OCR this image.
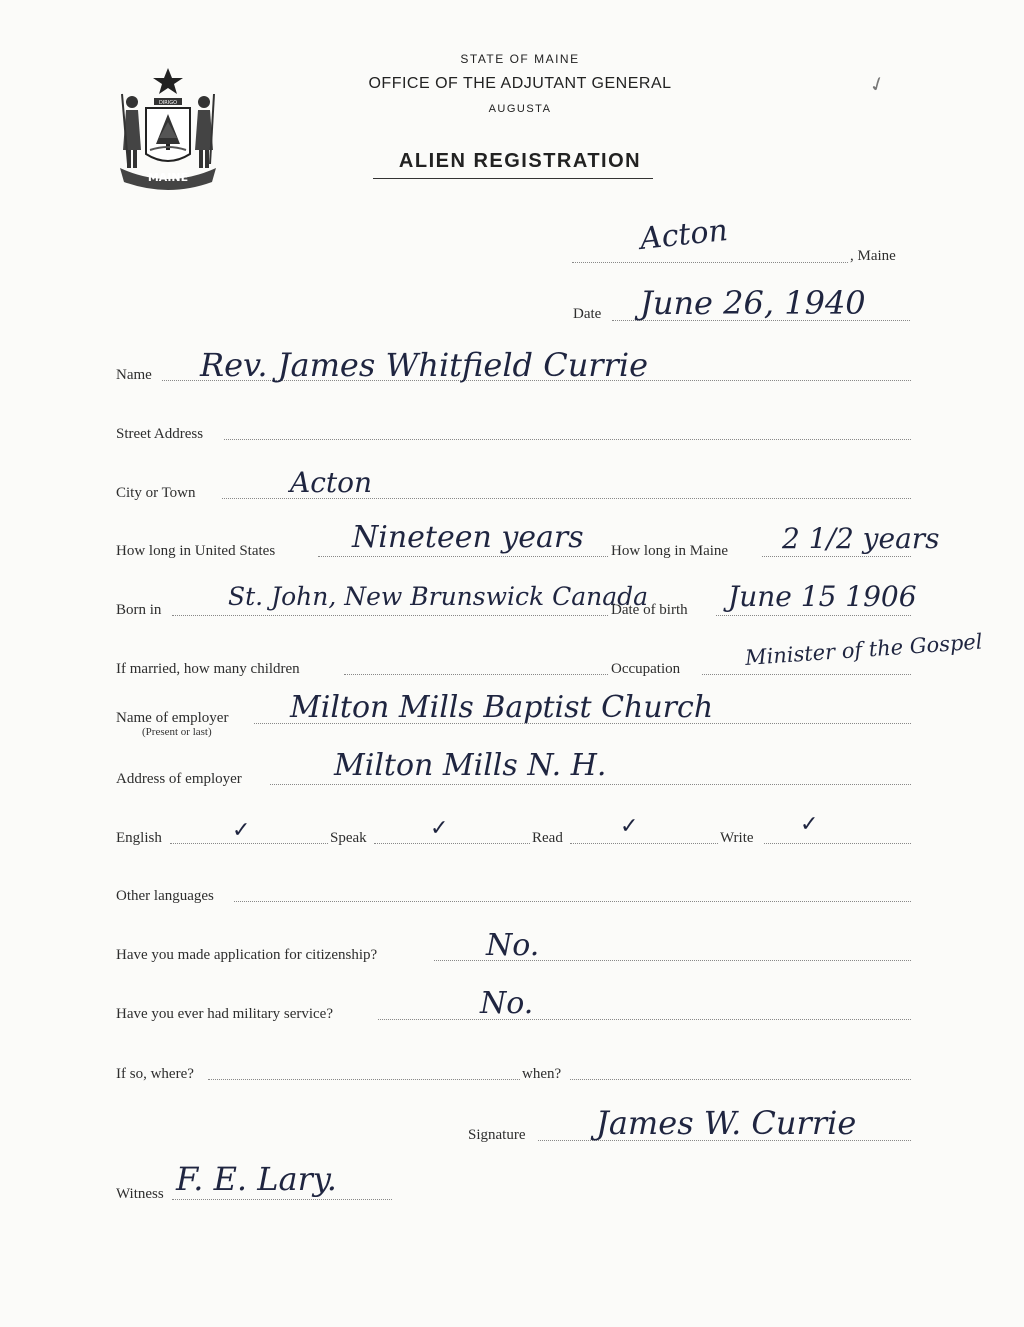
DIRIGO
MAINE
STATE OF MAINE
OFFICE OF THE ADJUTANT GENERAL
AUGUSTA
ALIEN REGISTRATION
✓
Acton	, Maine
Date June 26, 1940
Name Rev. James Whitfield Currie
Street Address
City or Town	Acton
How long in United States	Nineteen years How long in Maine 2 1/2 years
Born in	St. John, New Brunswick Canada
Date of birth June 15 1906
If married, how many children	Occupation	Minister of the Gospel
Name of employer
(Present or last)
Milton Mills Baptist Church
Address of employer	Milton Mills N. H.
English	✓	Speak	✓	Read	✓	Write
✓
Other languages
Have you made application for citizenship?	No.
Have you ever had military service?	No.
If so, where?	when?
Signature James W. Currie
Witness F. E. Lary.
